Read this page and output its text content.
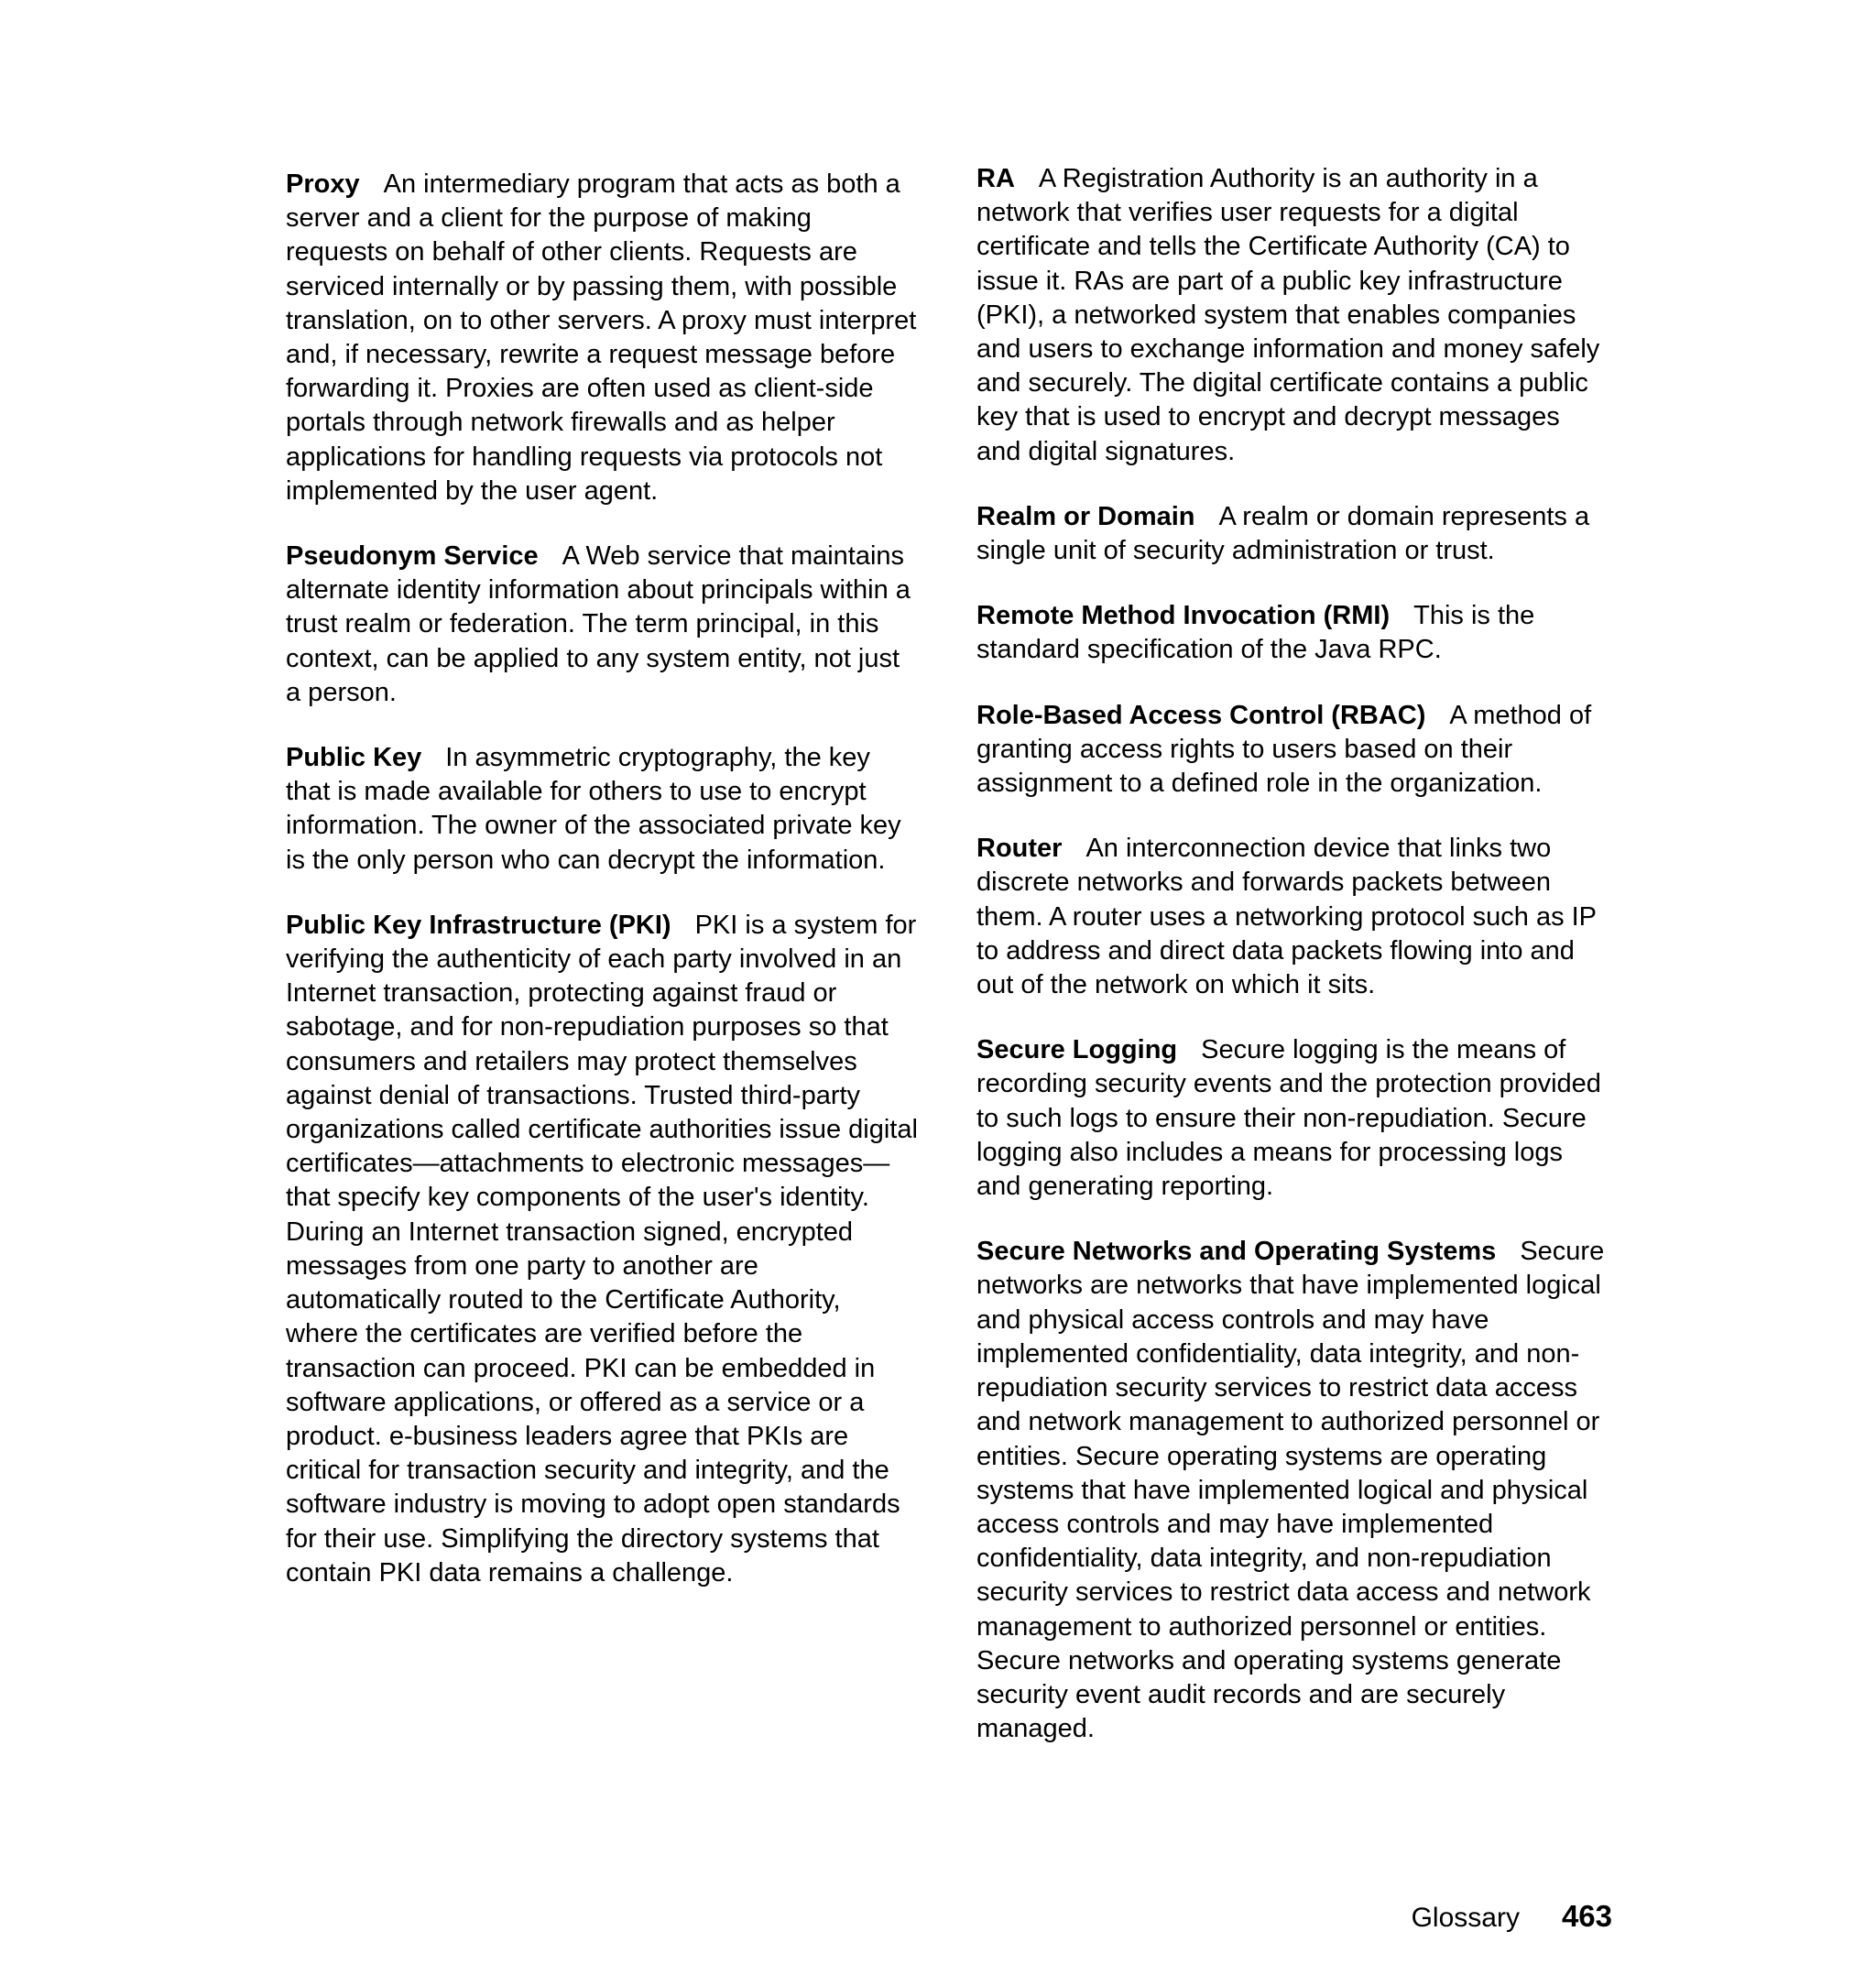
Proxy An intermediary program that acts as both a server and a client for the purpose of making requests on behalf of other clients. Requests are serviced internally or by passing them, with possible translation, on to other servers. A proxy must interpret and, if necessary, rewrite a request message before forwarding it. Proxies are often used as client-side portals through network firewalls and as helper applications for handling requests via protocols not implemented by the user agent.

Pseudonym Service A Web service that maintains alternate identity information about principals within a trust realm or federation. The term principal, in this context, can be applied to any system entity, not just a person.

Public Key In asymmetric cryptography, the key that is made available for others to use to encrypt information. The owner of the associated private key is the only person who can decrypt the information.

Public Key Infrastructure (PKI) PKI is a system for verifying the authenticity of each party involved in an Internet transaction, protecting against fraud or sabotage, and for non-repudiation purposes so that consumers and retailers may protect themselves against denial of transactions. Trusted third-party organizations called certificate authorities issue digital certificates—attachments to electronic messages—that specify key components of the user's identity. During an Internet transaction signed, encrypted messages from one party to another are automatically routed to the Certificate Authority, where the certificates are verified before the transaction can proceed. PKI can be embedded in software applications, or offered as a service or a product. e-business leaders agree that PKIs are critical for transaction security and integrity, and the software industry is moving to adopt open standards for their use. Simplifying the directory systems that contain PKI data remains a challenge.

RA A Registration Authority is an authority in a network that verifies user requests for a digital certificate and tells the Certificate Authority (CA) to issue it. RAs are part of a public key infrastructure (PKI), a networked system that enables companies and users to exchange information and money safely and securely. The digital certificate contains a public key that is used to encrypt and decrypt messages and digital signatures.

Realm or Domain A realm or domain represents a single unit of security administration or trust.

Remote Method Invocation (RMI) This is the standard specification of the Java RPC.

Role-Based Access Control (RBAC) A method of granting access rights to users based on their assignment to a defined role in the organization.

Router An interconnection device that links two discrete networks and forwards packets between them. A router uses a networking protocol such as IP to address and direct data packets flowing into and out of the network on which it sits.

Secure Logging Secure logging is the means of recording security events and the protection provided to such logs to ensure their non-repudiation. Secure logging also includes a means for processing logs and generating reporting.

Secure Networks and Operating Systems Secure networks are networks that have implemented logical and physical access controls and may have implemented confidentiality, data integrity, and non-repudiation security services to restrict data access and network management to authorized personnel or entities. Secure operating systems are operating systems that have implemented logical and physical access controls and may have implemented confidentiality, data integrity, and non-repudiation security services to restrict data access and network management to authorized personnel or entities. Secure networks and operating systems generate security event audit records and are securely managed.

Glossary 463
